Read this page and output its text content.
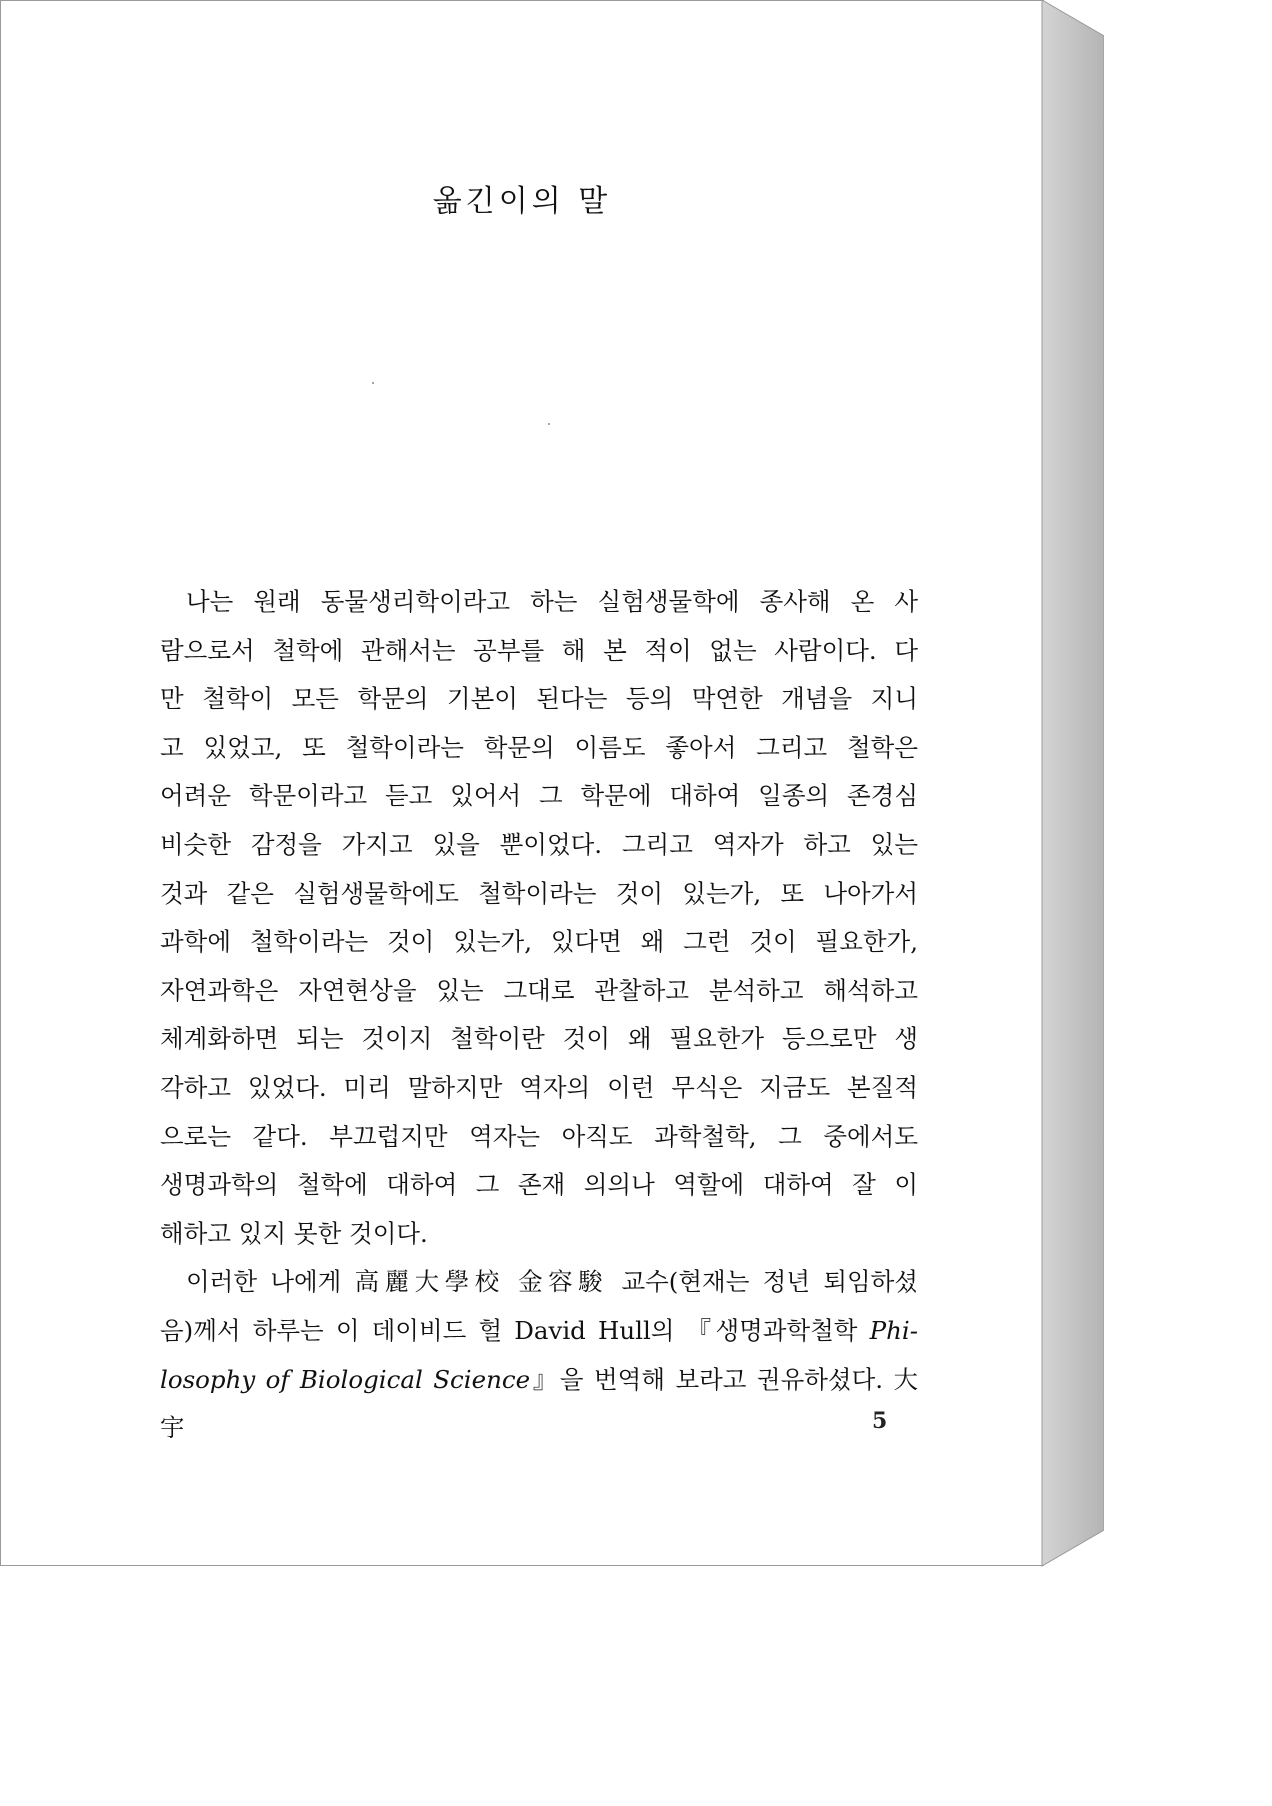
옮긴이의 말

나는 원래 동물생리학이라고 하는 실험생물학에 종사해 온 사

람으로서 철학에 관해서는 공부를 해 본 적이 없는 사람이다. 다

만 철학이 모든 학문의 기본이 된다는 등의 막연한 개념을 지니

고 있었고, 또 철학이라는 학문의 이름도 좋아서 그리고 철학은

어려운 학문이라고 듣고 있어서 그 학문에 대하여 일종의 존경심

비슷한 감정을 가지고 있을 뿐이었다. 그리고 역자가 하고 있는

것과 같은 실험생물학에도 철학이라는 것이 있는가, 또 나아가서

과학에 철학이라는 것이 있는가, 있다면 왜 그런 것이 필요한가,

자연과학은 자연현상을 있는 그대로 관찰하고 분석하고 해석하고

체계화하면 되는 것이지 철학이란 것이 왜 필요한가 등으로만 생

각하고 있었다. 미리 말하지만 역자의 이런 무식은 지금도 본질적

으로는 같다. 부끄럽지만 역자는 아직도 과학철학, 그 중에서도

생명과학의 철학에 대하여 그 존재 의의나 역할에 대하여 잘 이

해하고 있지 못한 것이다.

이러한 나에게 高麗大學校 金容駿 교수(현재는 정년 퇴임하셨

음)께서 하루는 이 데이비드 헐 David Hull의 『생명과학철학 Phi-

losophy of Biological Science』을 번역해 보라고 권유하셨다. 大宇	5
